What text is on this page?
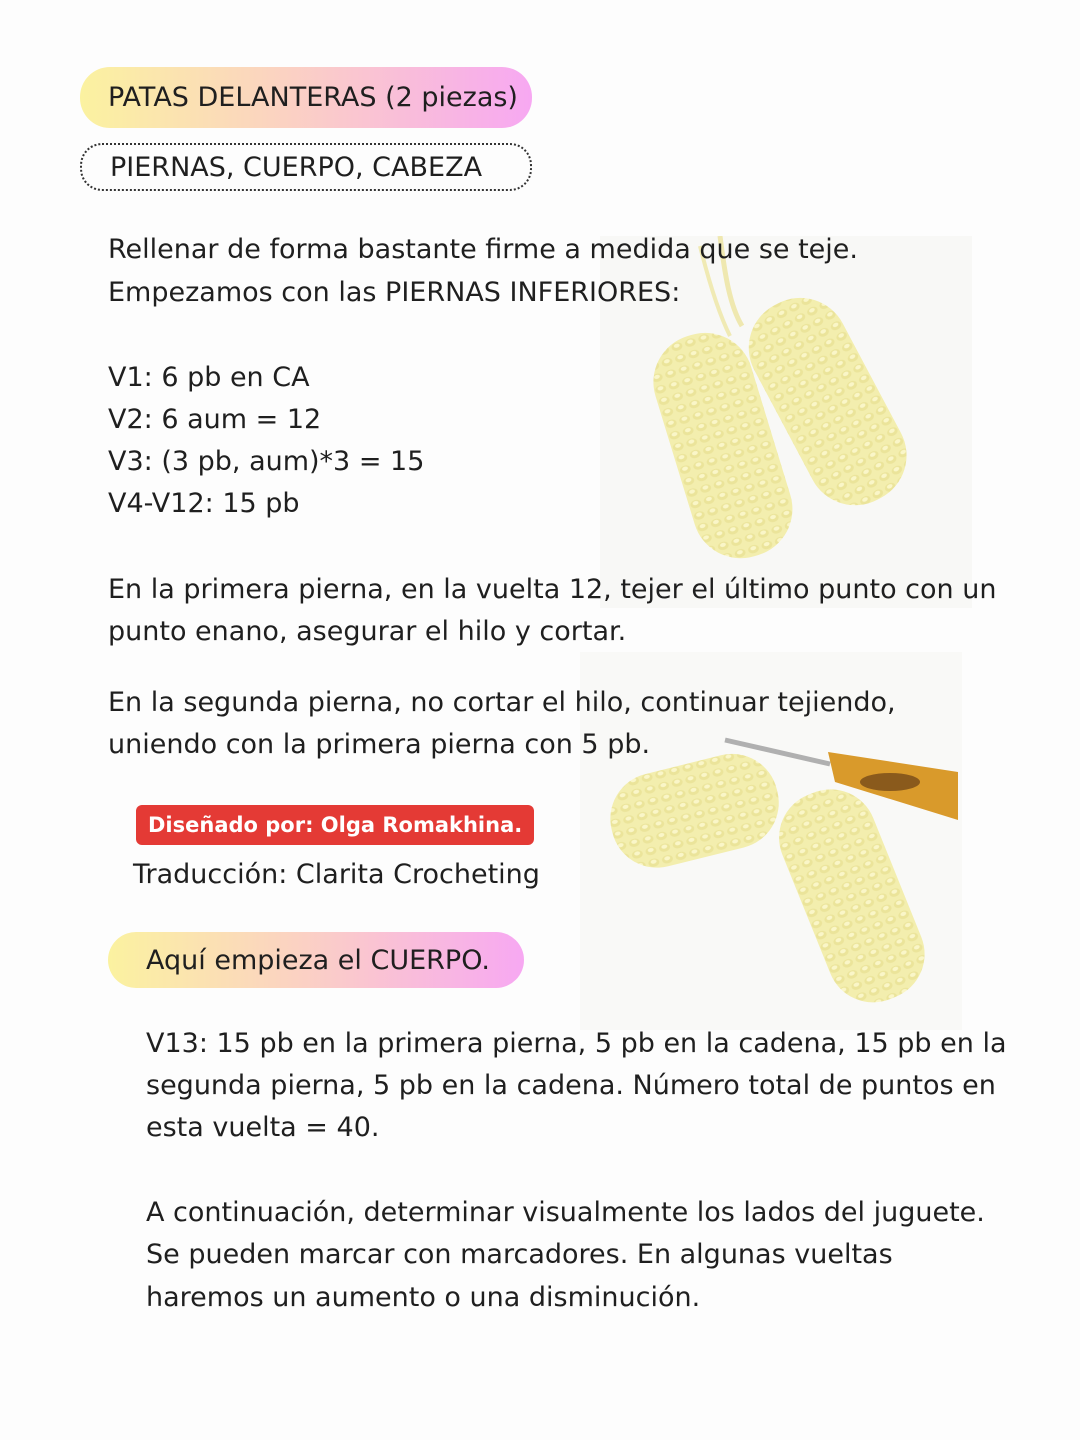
PATAS DELANTERAS (2 piezas)
PIERNAS, CUERPO, CABEZA

Rellenar de forma bastante firme a medida que se teje.

Empezamos con las PIERNAS INFERIORES:

V1: 6 pb en CA

V2: 6 aum = 12

V3: (3 pb, aum)*3 = 15

V4-V12: 15 pb

En la primera pierna, en la vuelta 12, tejer el último punto con un

punto enano, asegurar el hilo y cortar.

En la segunda pierna, no cortar el hilo, continuar tejiendo,

uniendo con la primera pierna con 5 pb.

Diseñado por: Olga Romakhina.

Traducción: Clarita Crocheting

Aquí empieza el CUERPO.

V13: 15 pb en la primera pierna, 5 pb en la cadena, 15 pb en la

segunda pierna, 5 pb en la cadena. Número total de puntos en

esta vuelta = 40.

A continuación, determinar visualmente los lados del juguete.

Se pueden marcar con marcadores. En algunas vueltas

haremos un aumento o una disminución.
